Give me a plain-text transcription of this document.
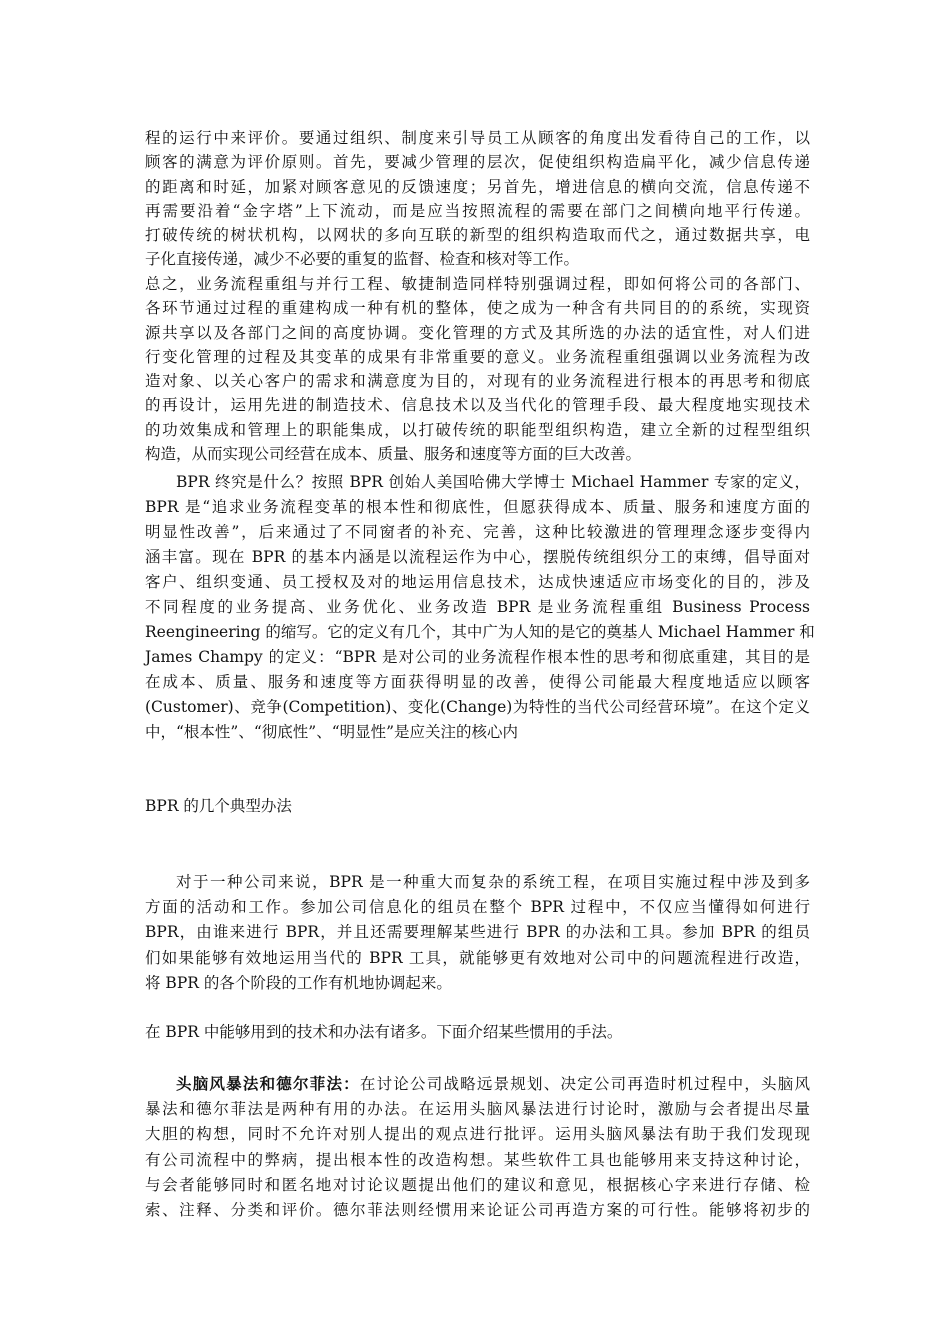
程的运行中来评价。要通过组织、制度来引导员工从顾客的角度出发看待自己的工作，以
顾客的满意为评价原则。首先，要减少管理的层次，促使组织构造扁平化，减少信息传递
的距离和时延，加紧对顾客意见的反馈速度；另首先，增进信息的横向交流，信息传递不
再需要沿着“金字塔”上下流动，而是应当按照流程的需要在部门之间横向地平行传递。
打破传统的树状机构，以网状的多向互联的新型的组织构造取而代之，通过数据共享，电
子化直接传递，减少不必要的重复的监督、检查和核对等工作。
总之，业务流程重组与并行工程、敏捷制造同样特别强调过程，即如何将公司的各部门、
各环节通过过程的重建构成一种有机的整体，使之成为一种含有共同目的的系统，实现资
源共享以及各部门之间的高度协调。变化管理的方式及其所选的办法的适宜性，对人们进
行变化管理的过程及其变革的成果有非常重要的意义。业务流程重组强调以业务流程为改
造对象、以关心客户的需求和满意度为目的，对现有的业务流程进行根本的再思考和彻底
的再设计，运用先进的制造技术、信息技术以及当代化的管理手段、最大程度地实现技术
的功效集成和管理上的职能集成，以打破传统的职能型组织构造，建立全新的过程型组织
构造，从而实现公司经营在成本、质量、服务和速度等方面的巨大改善。
BPR 终究是什么？按照 BPR 创始人美国哈佛大学博士 Michael Hammer 专家的定义，
BPR 是“追求业务流程变革的根本性和彻底性，但愿获得成本、质量、服务和速度方面的
明显性改善”，后来通过了不同窗者的补充、完善，这种比较激进的管理理念逐步变得内
涵丰富。现在 BPR 的基本内涵是以流程运作为中心，摆脱传统组织分工的束缚，倡导面对
客户、组织变通、员工授权及对的地运用信息技术，达成快速适应市场变化的目的，涉及
不同程度的业务提高、业务优化、业务改造 BPR 是业务流程重组 Business Process
Reengineering 的缩写。它的定义有几个，其中广为人知的是它的奠基人 Michael Hammer 和
James Champy 的定义：“BPR 是对公司的业务流程作根本性的思考和彻底重建，其目的是
在成本、质量、服务和速度等方面获得明显的改善，使得公司能最大程度地适应以顾客
(Customer)、竞争(Competition)、变化(Change)为特性的当代公司经营环境”。在这个定义
中，“根本性”、“彻底性”、“明显性”是应关注的核心内
BPR 的几个典型办法
对于一种公司来说，BPR 是一种重大而复杂的系统工程，在项目实施过程中涉及到多
方面的活动和工作。参加公司信息化的组员在整个 BPR 过程中，不仅应当懂得如何进行
BPR，由谁来进行 BPR，并且还需要理解某些进行 BPR 的办法和工具。参加 BPR 的组员
们如果能够有效地运用当代的 BPR 工具，就能够更有效地对公司中的问题流程进行改造，
将 BPR 的各个阶段的工作有机地协调起来。
在 BPR 中能够用到的技术和办法有诸多。下面介绍某些惯用的手法。
头脑风暴法和德尔菲法：在讨论公司战略远景规划、决定公司再造时机过程中，头脑风
暴法和德尔菲法是两种有用的办法。在运用头脑风暴法进行讨论时，激励与会者提出尽量
大胆的构想，同时不允许对别人提出的观点进行批评。运用头脑风暴法有助于我们发现现
有公司流程中的弊病，提出根本性的改造构想。某些软件工具也能够用来支持这种讨论，
与会者能够同时和匿名地对讨论议题提出他们的建议和意见，根据核心字来进行存储、检
索、注释、分类和评价。德尔菲法则经惯用来论证公司再造方案的可行性。能够将初步的
